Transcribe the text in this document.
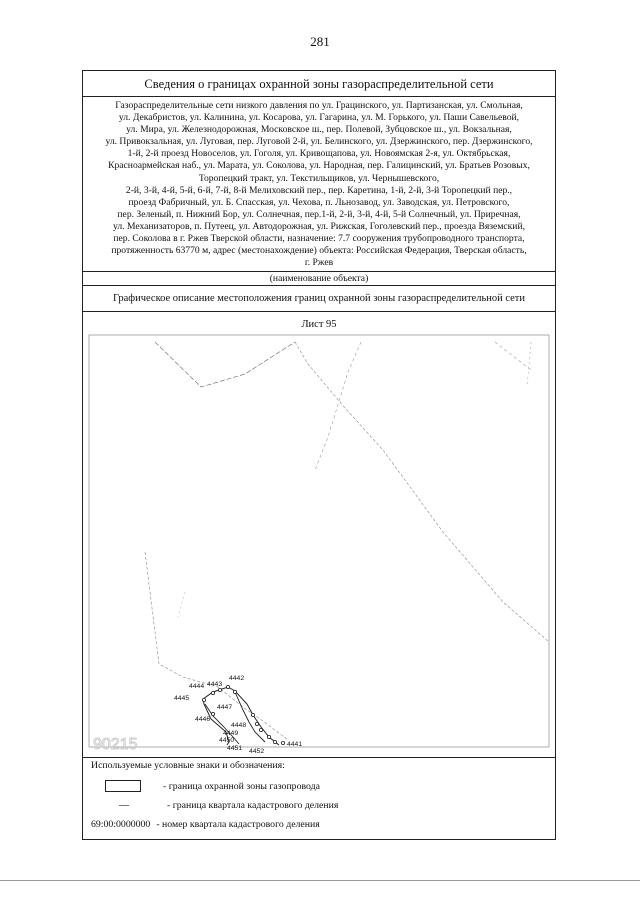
281
Сведения о границах охранной зоны газораспределительной сети
Газораспределительные сети низкого давления по ул. Грацинского, ул. Партизанская, ул. Смольная,
ул. Декабристов, ул. Калинина, ул. Косарова, ул. Гагарина, ул. М. Горького, ул. Паши Савельевой,
ул. Мира, ул. Железнодорожная, Московское ш., пер. Полевой, Зубцовское ш., ул. Вокзальная,
ул. Привокзальная, ул. Луговая, пер. Луговой 2-й, ул. Белинского, ул. Дзержинского, пер. Дзержинского,
1-й, 2-й проезд Новоселов, ул. Гоголя, ул. Кривощапова, ул. Новоямская 2-я, ул. Октябрьская,
Красноармейская наб., ул. Марата, ул. Соколова, ул. Народная, пер. Галицинский, ул. Братьев Розовых,
Торопецкий тракт, ул. Текстильщиков, ул. Чернышевского,
2-й, 3-й, 4-й, 5-й, 6-й, 7-й, 8-й Мелиховский пер., пер. Каретина, 1-й, 2-й, 3-й Торопецкий пер.,
проезд Фабричный, ул. Б. Спасская, ул. Чехова, п. Льнозавод, ул. Заводская, ул. Петровского,
пер. Зеленый, п. Нижний Бор, ул. Солнечная, пер.1-й, 2-й, 3-й, 4-й, 5-й Солнечный, ул. Приречная,
ул. Механизаторов, п. Путеец, ул. Автодорожная, ул. Рижская, Гоголевский пер., проезда Вяземский,
пер. Соколова в г. Ржев Тверской области, назначение: 7.7 сооружения трубопроводного транспорта,
протяженность 63770 м, адрес (местонахождение) объекта: Российская Федерация, Тверская область,
г. Ржев
(наименование объекта)
Графическое описание местоположения границ охранной зоны газораспределительной сети
4442
4443
4444
4445
4447
4446
4448
4449
4450
4451 4452
4441
90215
Лист 95
Используемые условные знаки и обозначения:
- граница охранной зоны газопровода
- граница квартала кадастрового деления
69:00:0000000 - номер квартала кадастрового деления
